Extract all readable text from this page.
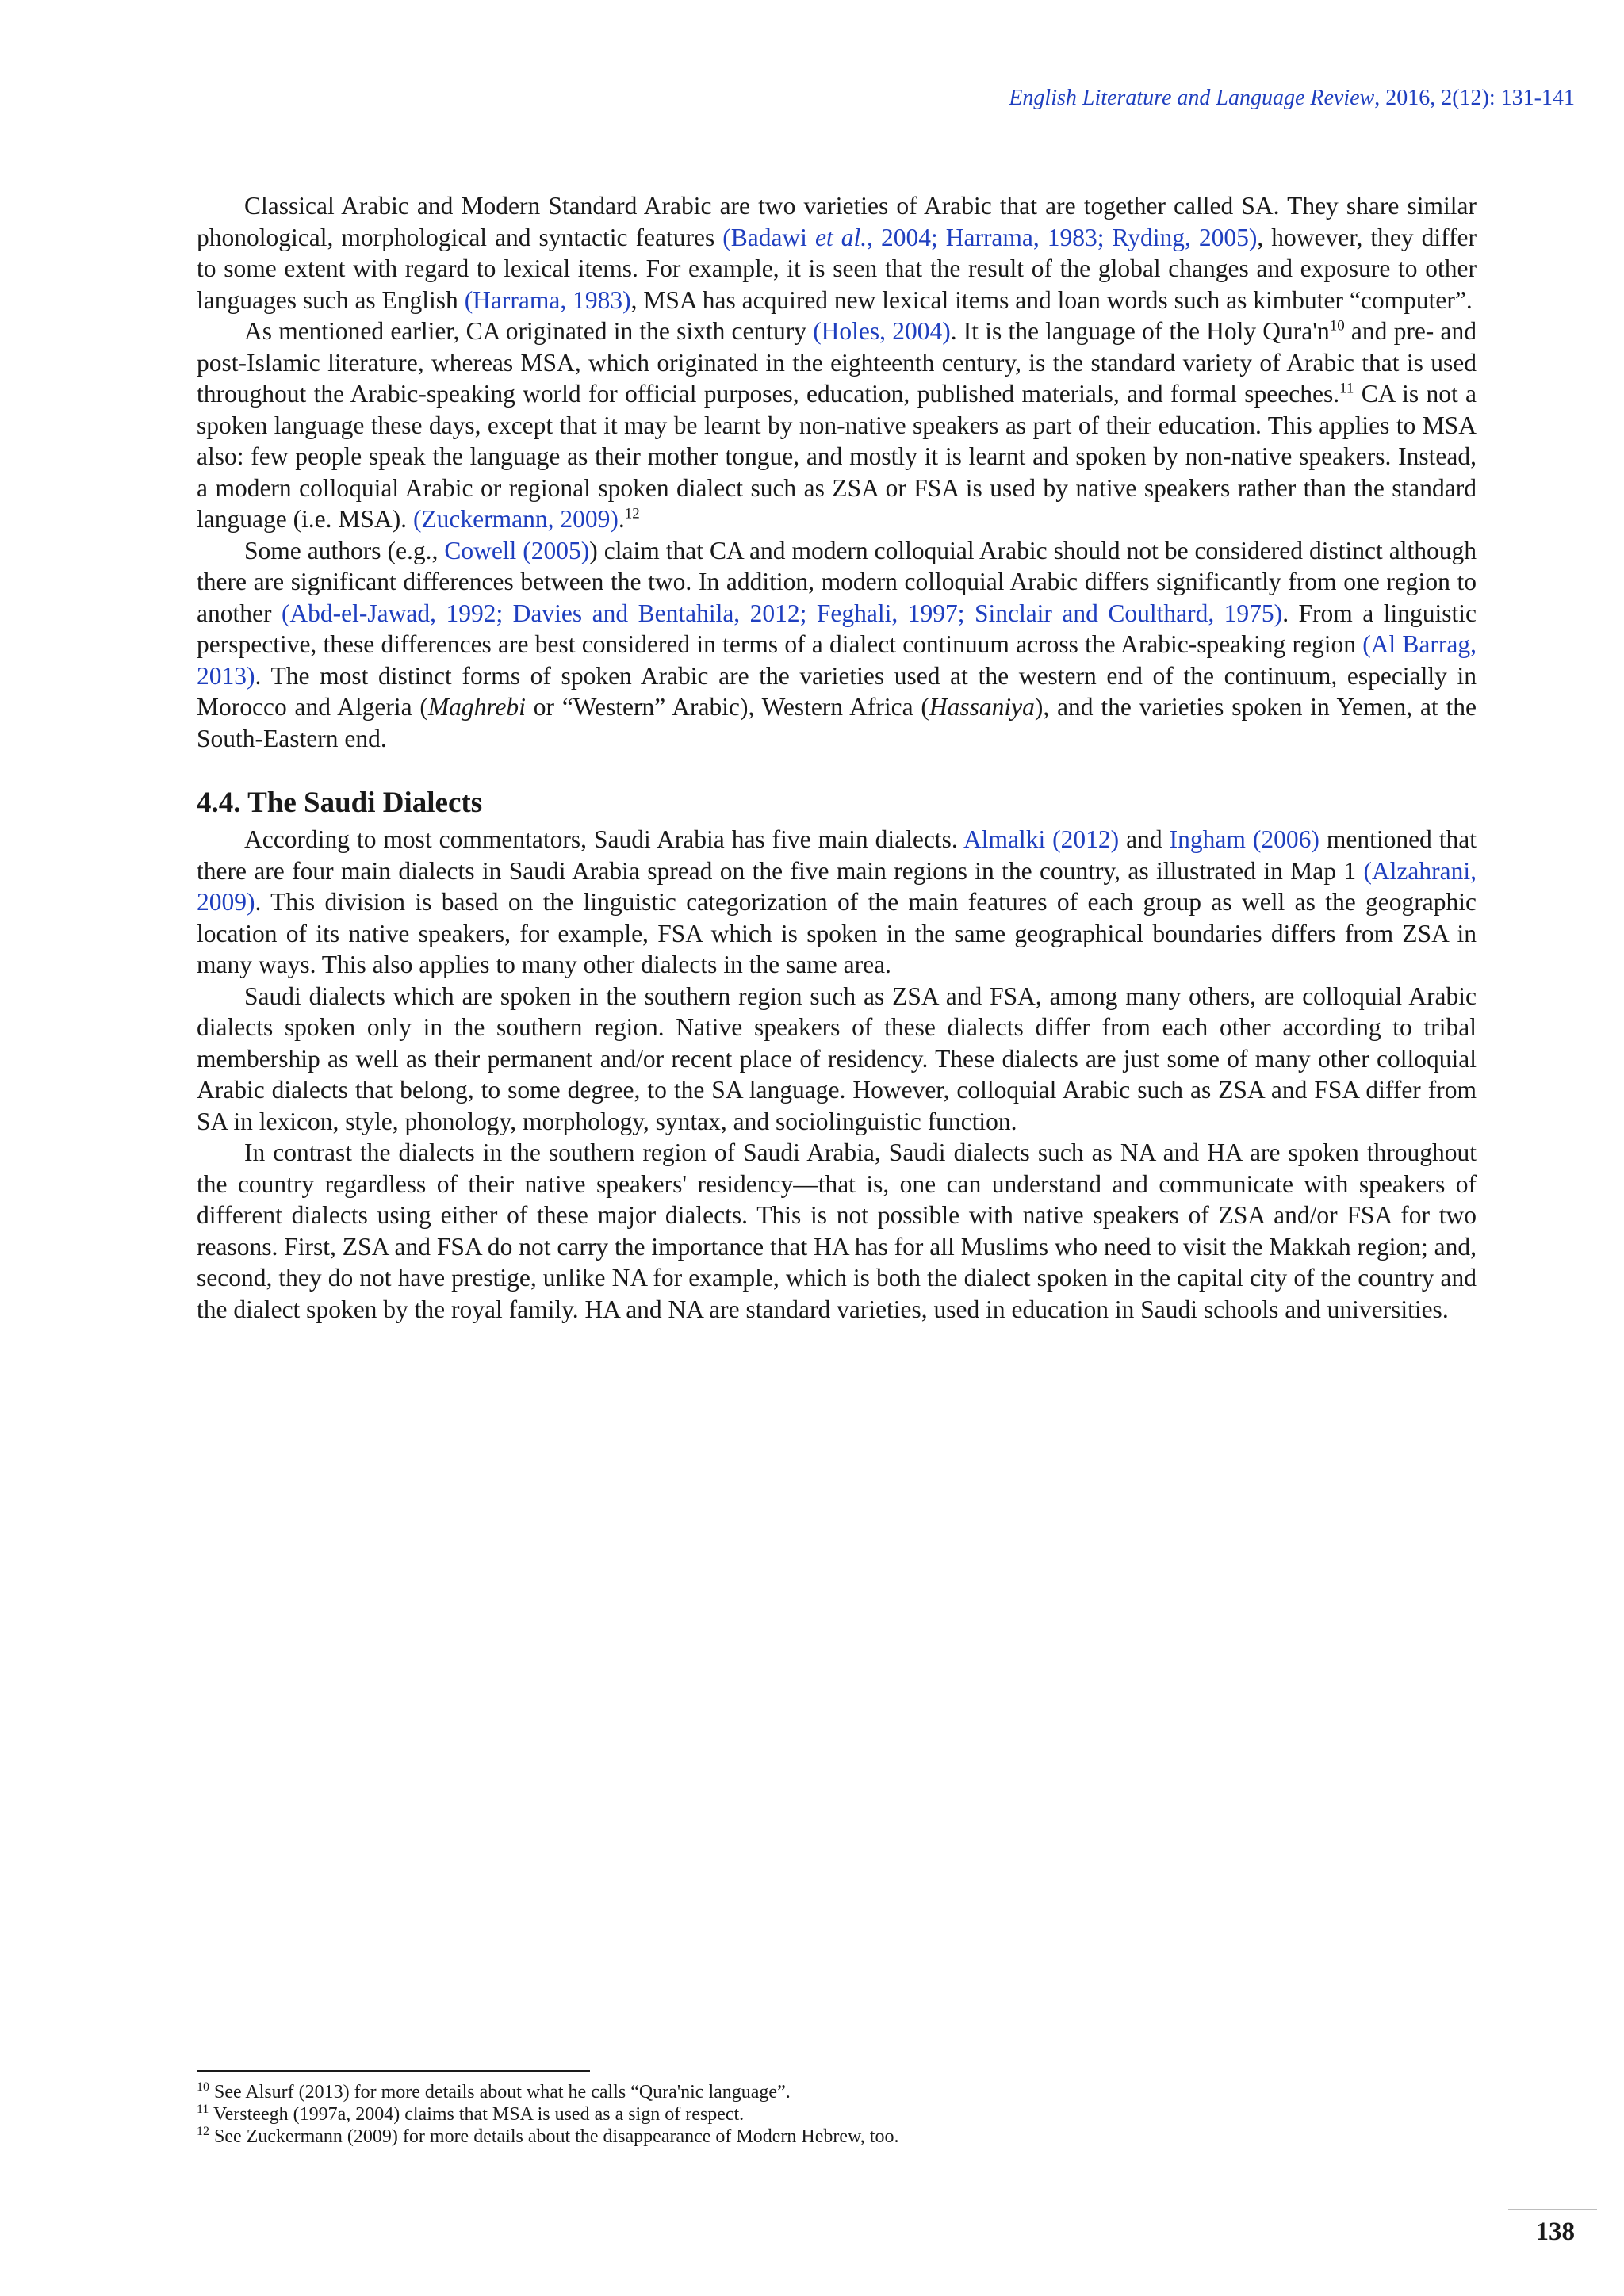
English Literature and Language Review, 2016, 2(12): 131-141

Classical Arabic and Modern Standard Arabic are two varieties of Arabic that are together called SA. They share similar phonological, morphological and syntactic features (Badawi et al., 2004; Harrama, 1983; Ryding, 2005), however, they differ to some extent with regard to lexical items. For example, it is seen that the result of the global changes and exposure to other languages such as English (Harrama, 1983), MSA has acquired new lexical items and loan words such as kimbuter “computer”.

As mentioned earlier, CA originated in the sixth century (Holes, 2004). It is the language of the Holy $Qura'n^{10}$ and pre- and post-Islamic literature, whereas MSA, which originated in the eighteenth century, is the standard variety of Arabic that is used throughout the Arabic-speaking world for official purposes, education, published materials, and formal speeches.$^{11}$ CA is not a spoken language these days, except that it may be learnt by non-native speakers as part of their education. This applies to MSA also: few people speak the language as their mother tongue, and mostly it is learnt and spoken by non-native speakers. Instead, a modern colloquial Arabic or regional spoken dialect such as ZSA or FSA is used by native speakers rather than the standard language (i.e. MSA). (Zuckermann, 2009).$^{12}$

Some authors (e.g., Cowell (2005)) claim that CA and modern colloquial Arabic should not be considered distinct although there are significant differences between the two. In addition, modern colloquial Arabic differs significantly from one region to another (Abd-el-Jawad, 1992; Davies and Bentahila, 2012; Feghali, 1997; Sinclair and Coulthard, 1975). From a linguistic perspective, these differences are best considered in terms of a dialect continuum across the Arabic-speaking region (Al Barrag, 2013). The most distinct forms of spoken Arabic are the varieties used at the western end of the continuum, especially in Morocco and Algeria (Maghrebi or “Western” Arabic), Western Africa (Hassaniya), and the varieties spoken in Yemen, at the South-Eastern end.

4.4. The Saudi Dialects

According to most commentators, Saudi Arabia has five main dialects. Almalki (2012) and Ingham (2006) mentioned that there are four main dialects in Saudi Arabia spread on the five main regions in the country, as illustrated in Map 1 (Alzahrani, 2009). This division is based on the linguistic categorization of the main features of each group as well as the geographic location of its native speakers, for example, FSA which is spoken in the same geographical boundaries differs from ZSA in many ways. This also applies to many other dialects in the same area.

Saudi dialects which are spoken in the southern region such as ZSA and FSA, among many others, are colloquial Arabic dialects spoken only in the southern region. Native speakers of these dialects differ from each other according to tribal membership as well as their permanent and/or recent place of residency. These dialects are just some of many other colloquial Arabic dialects that belong, to some degree, to the SA language. However, colloquial Arabic such as ZSA and FSA differ from SA in lexicon, style, phonology, morphology, syntax, and sociolinguistic function.

In contrast the dialects in the southern region of Saudi Arabia, Saudi dialects such as NA and HA are spoken throughout the country regardless of their native speakers' residency—that is, one can understand and communicate with speakers of different dialects using either of these major dialects. This is not possible with native speakers of ZSA and/or FSA for two reasons. First, ZSA and FSA do not carry the importance that HA has for all Muslims who need to visit the Makkah region; and, second, they do not have prestige, unlike NA for example, which is both the dialect spoken in the capital city of the country and the dialect spoken by the royal family. HA and NA are standard varieties, used in education in Saudi schools and universities.

$^{10}$ See Alsurf (2013) for more details about what he calls “Qura'nic language”.
$^{11}$ Versteegh (1997a, 2004) claims that MSA is used as a sign of respect.
$^{12}$ See Zuckermann (2009) for more details about the disappearance of Modern Hebrew, too.
138
